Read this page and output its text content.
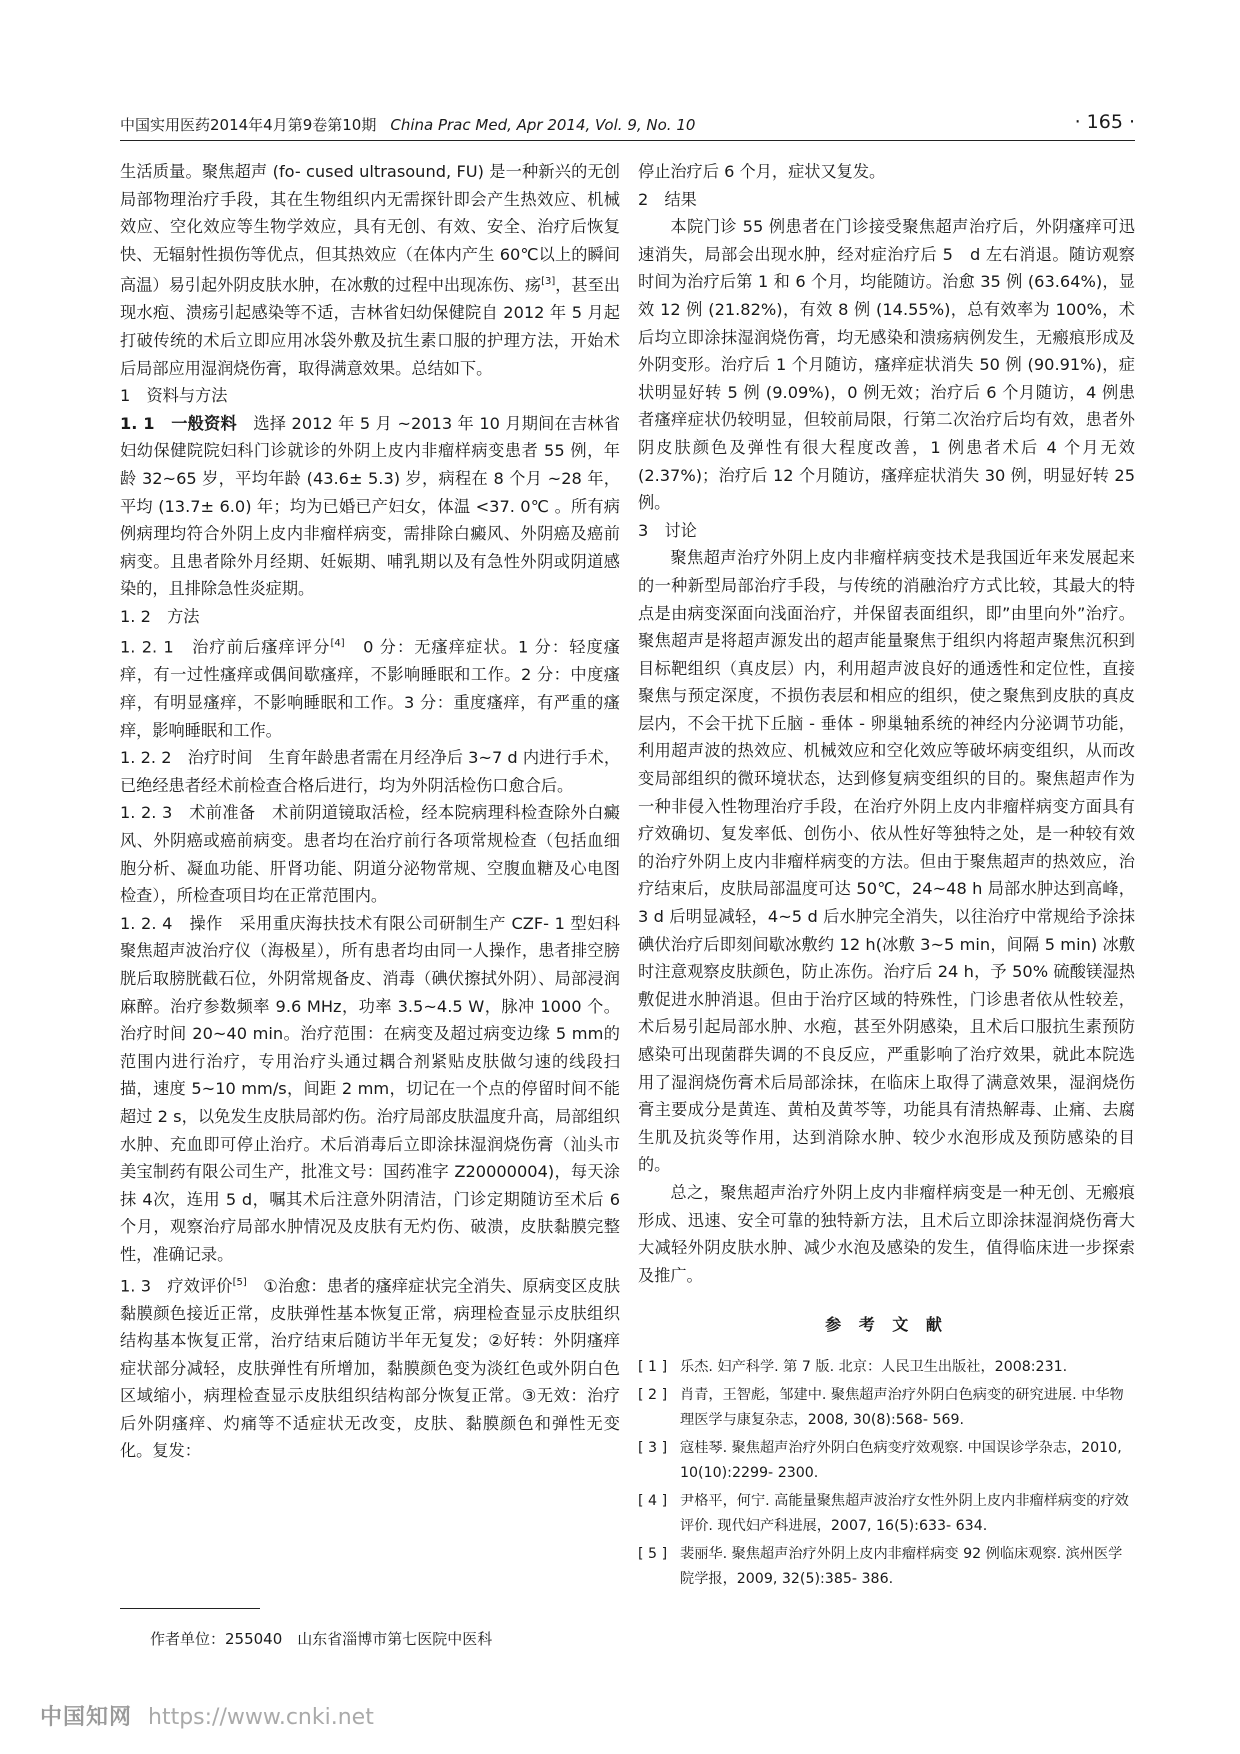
中国实用医药2014年4月第9卷第10期 China Prac Med, Apr 2014, Vol. 9, No. 10	· 165 ·

生活质量。聚焦超声 (fo- cused ultrasound, FU) 是一种新兴的无创局部物理治疗手段，其在生物组织内无需探针即会产生热效应、机械效应、空化效应等生物学效应，具有无创、有效、安全、治疗后恢复快、无辐射性损伤等优点，但其热效应（在体内产生 60℃以上的瞬间高温）易引起外阴皮肤水肿，在冰敷的过程中出现冻伤、疡[3]，甚至出现水疱、溃疡引起感染等不适，吉林省妇幼保健院自 2012 年 5 月起打破传统的术后立即应用冰袋外敷及抗生素口服的护理方法，开始术后局部应用湿润烧伤膏，取得满意效果。总结如下。

1　资料与方法

1. 1　一般资料　 选择 2012 年 5 月 ~2013 年 10 月期间在吉林省妇幼保健院院妇科门诊就诊的外阴上皮内非瘤样病变患者 55 例，年龄 32~65 岁，平均年龄 (43.6± 5.3) 岁，病程在 8 个月 ~28 年，平均 (13.7± 6.0) 年；均为已婚已产妇女，体温 <37. 0℃ 。所有病例病理均符合外阴上皮内非瘤样病变，需排除白癜风、外阴癌及癌前病变。且患者除外月经期、妊娠期、哺乳期以及有急性外阴或阴道感染的，且排除急性炎症期。

1. 2　方法

1. 2. 1　治疗前后瘙痒评分[4]　0 分：无瘙痒症状。1 分：轻度瘙痒，有一过性瘙痒或偶间歇瘙痒，不影响睡眠和工作。2 分：中度瘙痒，有明显瘙痒，不影响睡眠和工作。3 分：重度瘙痒，有严重的瘙痒，影响睡眠和工作。

1. 2. 2　治疗时间　生育年龄患者需在月经净后 3~7 d 内进行手术，已绝经患者经术前检查合格后进行，均为外阴活检伤口愈合后。

1. 2. 3　术前准备　术前阴道镜取活检，经本院病理科检查除外白癜风、外阴癌或癌前病变。患者均在治疗前行各项常规检查（包括血细胞分析、凝血功能、肝肾功能、阴道分泌物常规、空腹血糖及心电图检查），所检查项目均在正常范围内。

1. 2. 4　操作　采用重庆海扶技术有限公司研制生产 CZF- 1 型妇科聚焦超声波治疗仪（海极星），所有患者均由同一人操作，患者排空膀胱后取膀胱截石位，外阴常规备皮、消毒（碘伏擦拭外阴）、局部浸润麻醉。治疗参数频率 9.6 MHz，功率 3.5~4.5 W，脉冲 1000 个。治疗时间 20~40 min。治疗范围：在病变及超过病变边缘 5 mm的范围内进行治疗，专用治疗头通过耦合剂紧贴皮肤做匀速的线段扫描，速度 5~10 mm/s，间距 2 mm，切记在一个点的停留时间不能超过 2 s，以免发生皮肤局部灼伤。治疗局部皮肤温度升高，局部组织水肿、充血即可停止治疗。术后消毒后立即涂抹湿润烧伤膏（汕头市美宝制药有限公司生产，批准文号：国药准字 Z20000004)，每天涂抹 4次，连用 5 d，嘱其术后注意外阴清洁，门诊定期随访至术后 6 个月，观察治疗局部水肿情况及皮肤有无灼伤、破溃，皮肤黏膜完整性，准确记录。

1. 3　疗效评价[5]　①治愈：患者的瘙痒症状完全消失、原病变区皮肤黏膜颜色接近正常，皮肤弹性基本恢复正常，病理检查显示皮肤组织结构基本恢复正常，治疗结束后随访半年无复发；②好转：外阴瘙痒症状部分减轻，皮肤弹性有所增加，黏膜颜色变为淡红色或外阴白色区域缩小，病理检查显示皮肤组织结构部分恢复正常。③无效：治疗后外阴瘙痒、灼痛等不适症状无改变，皮肤、黏膜颜色和弹性无变化。复发：

停止治疗后 6 个月，症状又复发。

2　结果

本院门诊 55 例患者在门诊接受聚焦超声治疗后，外阴瘙痒可迅速消失，局部会出现水肿，经对症治疗后 5　d 左右消退。随访观察时间为治疗后第 1 和 6 个月，均能随访。治愈 35 例 (63.64%)，显效 12 例 (21.82%)，有效 8 例 (14.55%)，总有效率为 100%，术后均立即涂抹湿润烧伤膏，均无感染和溃疡病例发生，无瘢痕形成及外阴变形。治疗后 1 个月随访，瘙痒症状消失 50 例 (90.91%)，症状明显好转 5 例 (9.09%)，0 例无效；治疗后 6 个月随访，4 例患者瘙痒症状仍较明显，但较前局限，行第二次治疗后均有效，患者外阴皮肤颜色及弹性有很大程度改善，1 例患者术后 4 个月无效 (2.37%)；治疗后 12 个月随访，瘙痒症状消失 30 例，明显好转 25 例。

3　讨论

聚焦超声治疗外阴上皮内非瘤样病变技术是我国近年来发展起来的一种新型局部治疗手段，与传统的消融治疗方式比较，其最大的特点是由病变深面向浅面治疗，并保留表面组织，即”由里向外”治疗。聚焦超声是将超声源发出的超声能量聚焦于组织内将超声聚焦沉积到目标靶组织（真皮层）内，利用超声波良好的通透性和定位性，直接聚焦与预定深度，不损伤表层和相应的组织，使之聚焦到皮肤的真皮层内，不会干扰下丘脑 - 垂体 - 卵巢轴系统的神经内分泌调节功能，利用超声波的热效应、机械效应和空化效应等破坏病变组织，从而改变局部组织的微环境状态，达到修复病变组织的目的。聚焦超声作为一种非侵入性物理治疗手段，在治疗外阴上皮内非瘤样病变方面具有疗效确切、复发率低、创伤小、依从性好等独特之处，是一种较有效的治疗外阴上皮内非瘤样病变的方法。但由于聚焦超声的热效应，治疗结束后，皮肤局部温度可达 50℃，24~48 h 局部水肿达到高峰，3 d 后明显减轻，4~5 d 后水肿完全消失，以往治疗中常规给予涂抹碘伏治疗后即刻间歇冰敷约 12 h(冰敷 3~5 min，间隔 5 min) 冰敷时注意观察皮肤颜色，防止冻伤。治疗后 24 h，予 50% 硫酸镁湿热敷促进水肿消退。但由于治疗区域的特殊性，门诊患者依从性较差，术后易引起局部水肿、水疱，甚至外阴感染，且术后口服抗生素预防感染可出现菌群失调的不良反应，严重影响了治疗效果，就此本院选用了湿润烧伤膏术后局部涂抹，在临床上取得了满意效果，湿润烧伤膏主要成分是黄连、黄柏及黄芩等，功能具有清热解毒、止痛、去腐生肌及抗炎等作用，达到消除水肿、较少水泡形成及预防感染的目的。

总之，聚焦超声治疗外阴上皮内非瘤样病变是一种无创、无瘢痕形成、迅速、安全可靠的独特新方法，且术后立即涂抹湿润烧伤膏大大减轻外阴皮肤水肿、减少水泡及感染的发生，值得临床进一步探索及推广。

参 考 文 献
[ 1 ] 乐杰. 妇产科学. 第 7 版. 北京：人民卫生出版社，2008:231.
[ 2 ] 肖青，王智彪，邹建中. 聚焦超声治疗外阴白色病变的研究进展. 中华物理医学与康复杂志，2008, 30(8):568- 569.
[ 3 ] 寇桂琴. 聚焦超声治疗外阴白色病变疗效观察. 中国误诊学杂志，2010, 10(10):2299- 2300.
[ 4 ] 尹格平，何宁. 高能量聚焦超声波治疗女性外阴上皮内非瘤样病变的疗效评价. 现代妇产科进展，2007, 16(5):633- 634.
[ 5 ] 裴丽华. 聚焦超声治疗外阴上皮内非瘤样病变 92 例临床观察. 滨州医学院学报，2009, 32(5):385- 386.
作者单位：255040　山东省淄博市第七医院中医科
中国知网 https://www.cnki.net
